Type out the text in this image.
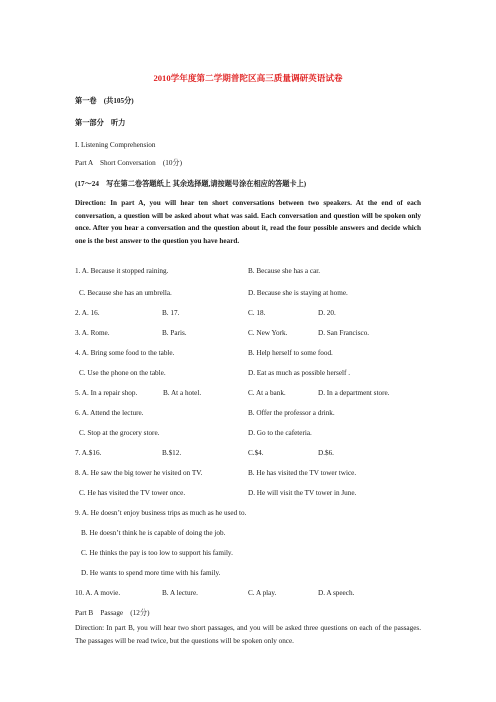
2010学年度第二学期普陀区高三质量调研英语试卷
第一卷　(共105分)
第一部分　听力
I. Listening Comprehension
Part A　Short Conversation　(10分)
(17～24　写在第二卷答题纸上 其余选择题,请按题号涂在相应的答题卡上)
Direction: In part A, you will hear ten short conversations between two speakers. At the end of each conversation, a question will be asked about what was said. Each conversation and question will be spoken only once. After you hear a conversation and the question about it, read the four possible answers and decide which one is the best answer to the question you have heard.
1. A. Because it stopped raining.	B. Because she has a car.
C. Because she has an umbrella.	D. Because she is staying at home.
2. A. 16.	B. 17.	C. 18.	D. 20.
3. A. Rome.	B. Paris.	C. New York.	D. San Francisco.
4. A. Bring some food to the table.	B. Help herself to some food.
C. Use the phone on the table.	D. Eat as much as possible herself .
5. A. In a repair shop.	B. At a hotel.	C. At a bank.	D. In a department store.
6. A. Attend the lecture.	B. Offer the professor a drink.
C. Stop at the grocery store.	D. Go to the cafeteria.
7. A.$16.	B.$12.	C.$4.	D.$6.
8. A. He saw the big tower he visited on TV.	B. He has visited the TV tower twice.
C. He has visited the TV tower once.	D. He will visit the TV tower in June.
9. A. He doesn’t enjoy business trips as much as he used to.
B. He doesn’t think he is capable of doing the job.
C. He thinks the pay is too low to support his family.
D. He wants to spend more time with his family.
10. A. A movie.	B. A lecture.	C. A play.	D. A speech.
Part B　Passage　(12分)
Direction: In part B, you will hear two short passages, and you will be asked three questions on each of the passages. The passages will be read twice, but the questions will be spoken only once.
